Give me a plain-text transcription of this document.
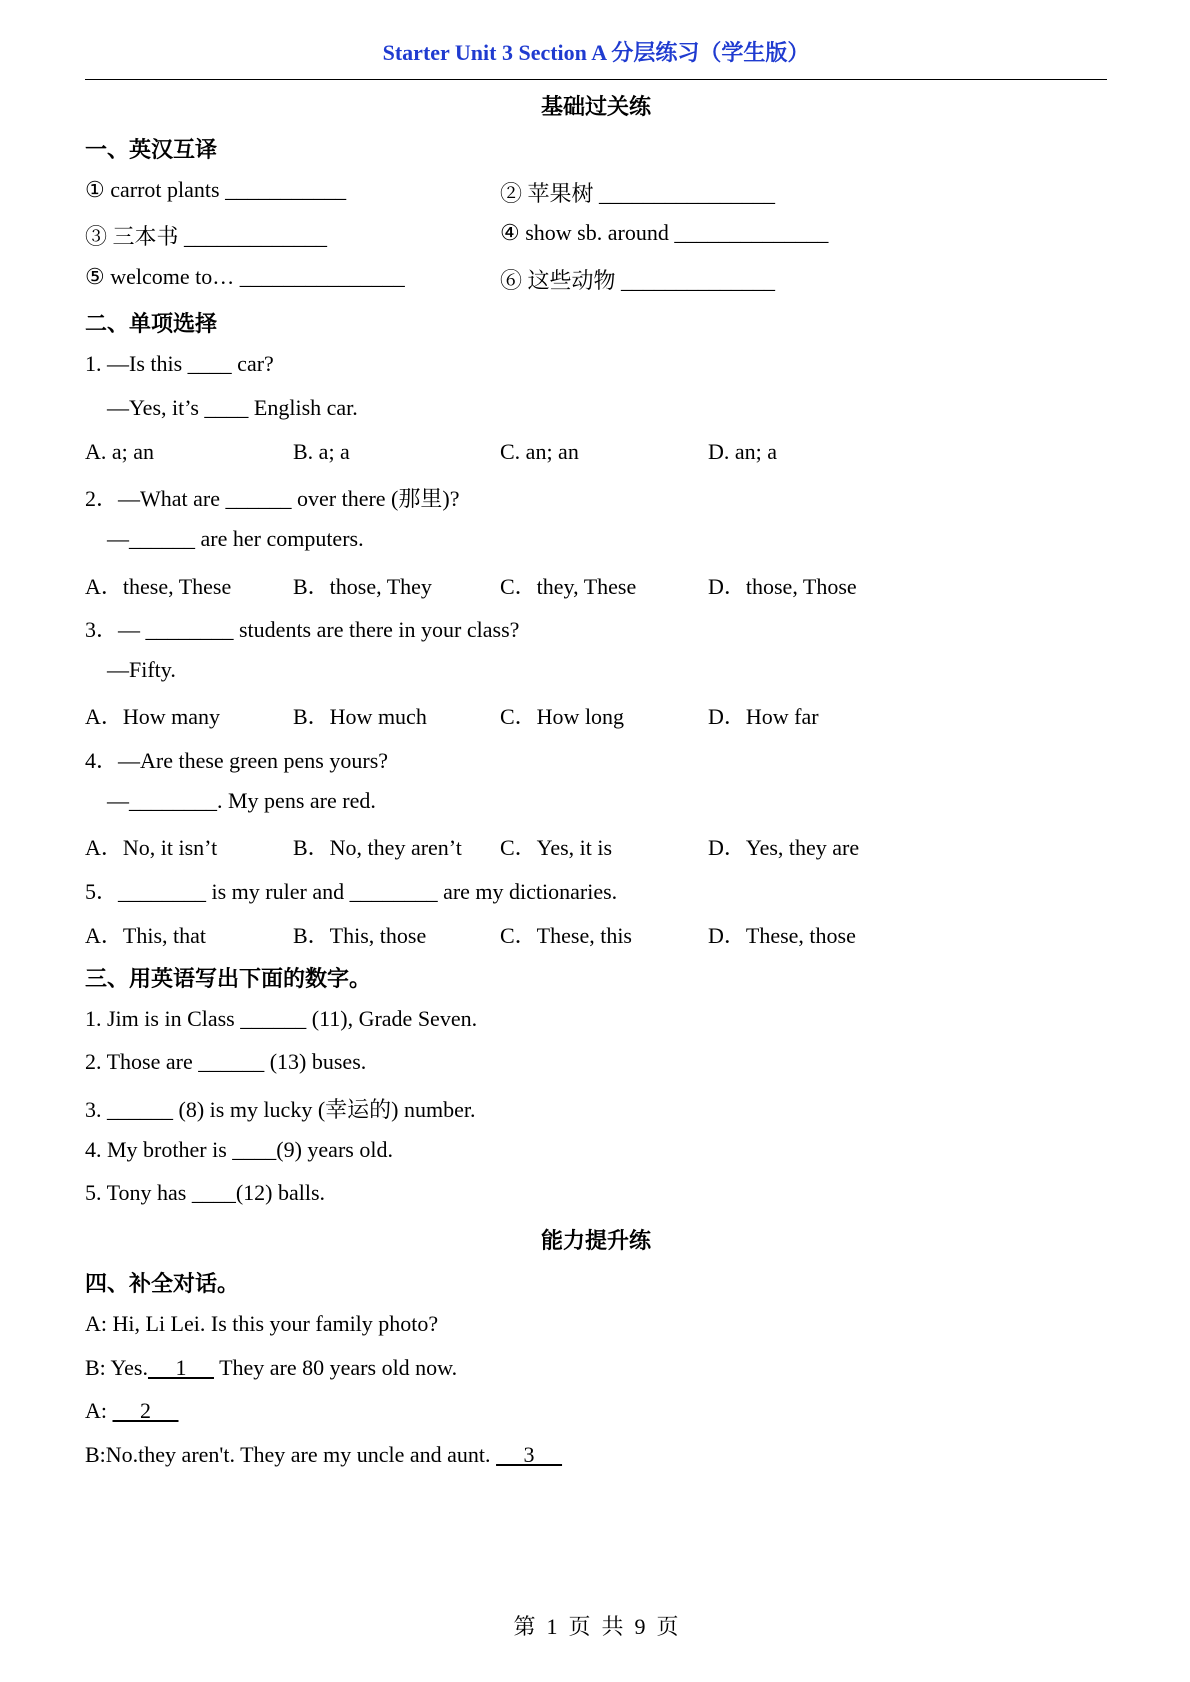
Starter Unit 3 Section A 分层练习（学生版）
基础过关练
一、英汉互译
① carrot plants ___________	② 苹果树 ________________
③ 三本书 _____________	④ show sb. around ______________
⑤ welcome to… _______________	⑥ 这些动物 ______________
二、单项选择
1. —Is this ____ car?
—Yes, it’s ____ English car.
A. a; an	B. a; a	C. an; an	D. an; a
2．—What are ______ over there (那里)?
—______ are her computers.
A．these, These	B．those, They	C．they, These	D．those, Those
3．— ________ students are there in your class?
—Fifty.
A．How many	B．How much	C．How long	D．How far
4．—Are these green pens yours?
—________. My pens are red.
A．No, it isn’t	B．No, they aren’t C．Yes, it is	D．Yes, they are
5．________ is my ruler and ________ are my dictionaries.
A．This, that	B．This, those	C．These, this	D．These, those
三、用英语写出下面的数字。
1. Jim is in Class ______ (11), Grade Seven.
2. Those are ______ (13) buses.
3. ______ (8) is my lucky (幸运的) number.
4. My brother is ____(9) years old.
5. Tony has ____(12) balls.
能力提升练
四、补全对话。
A: Hi, Li Lei. Is this your family photo?
B: Yes.     1      They are 80 years old now.
A:      2
B:No.they aren't. They are my uncle and aunt.      3
第  1  页  共  9  页
